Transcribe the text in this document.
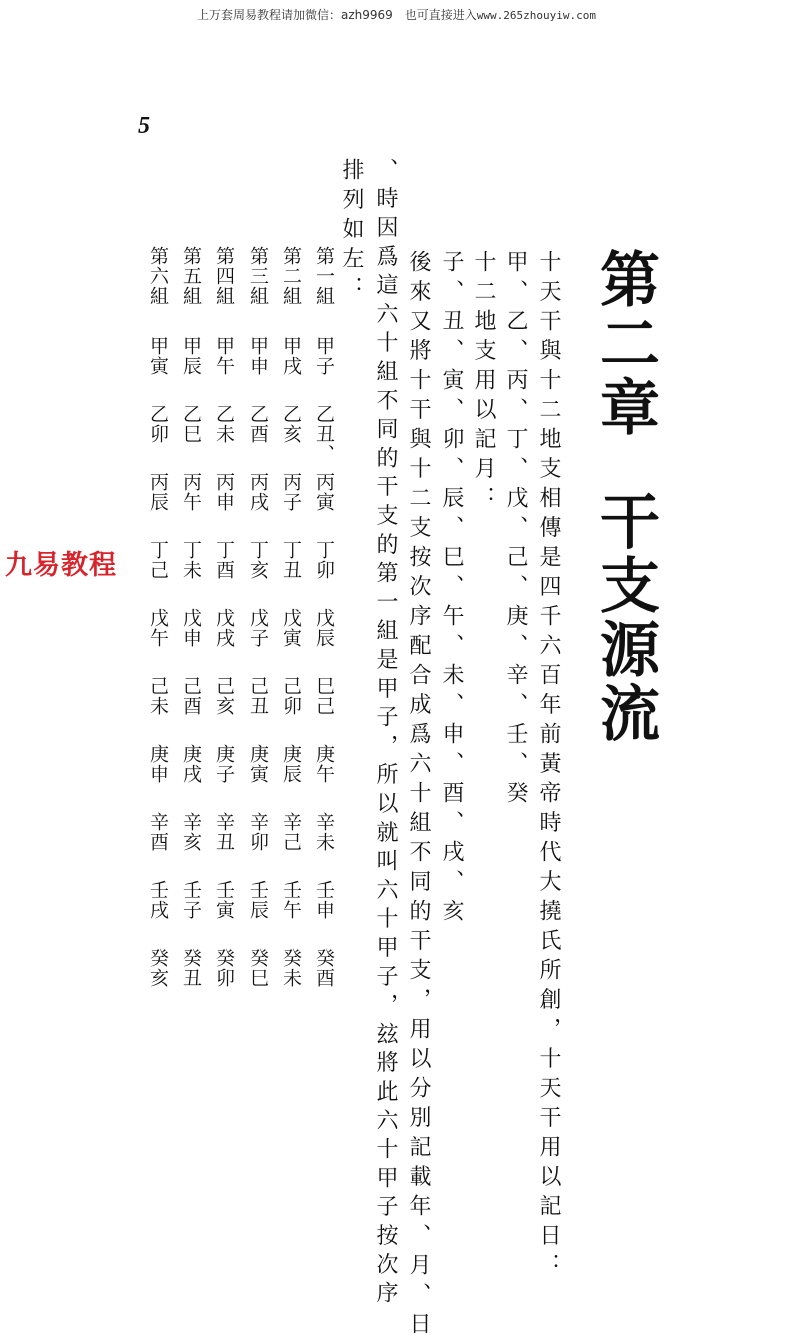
上万套周易教程请加微信：azh9969　也可直接进入www.265zhouyiw.com
5
第二章干支源流

十天干與十二地支相傳是四千六百年前黃帝時代大撓氏所創，十天干用以記日：

甲、乙、丙、丁、戊、己、庚、辛、壬、癸

十二地支用以記月：

子、丑、寅、卯、辰、巳、午、未、申、酉、戌、亥

後來又將十干與十二支按次序配合成爲六十組不同的干支，用以分別記載年、月、日

、時因爲這六十組不同的干支的第一組是甲子，所以就叫六十甲子，玆將此六十甲子按次序

排列如左：

第一組
甲子
乙丑、
丙寅
丁卯
戊辰
巳己
庚午
辛未
壬申
癸酉
第二組
甲戌
乙亥
丙子
丁丑
戊寅
己卯
庚辰
辛己
壬午
癸未
第三組
甲申
乙酉
丙戌
丁亥
戊子
己丑
庚寅
辛卯
壬辰
癸巳
第四組
甲午
乙未
丙申
丁酉
戊戌
己亥
庚子
辛丑
壬寅
癸卯
第五組
甲辰
乙巳
丙午
丁未
戊申
己酉
庚戌
辛亥
壬子
癸丑
第六組
甲寅
乙卯
丙辰
丁己
戊午
己未
庚申
辛酉
壬戌
癸亥
九易教程
